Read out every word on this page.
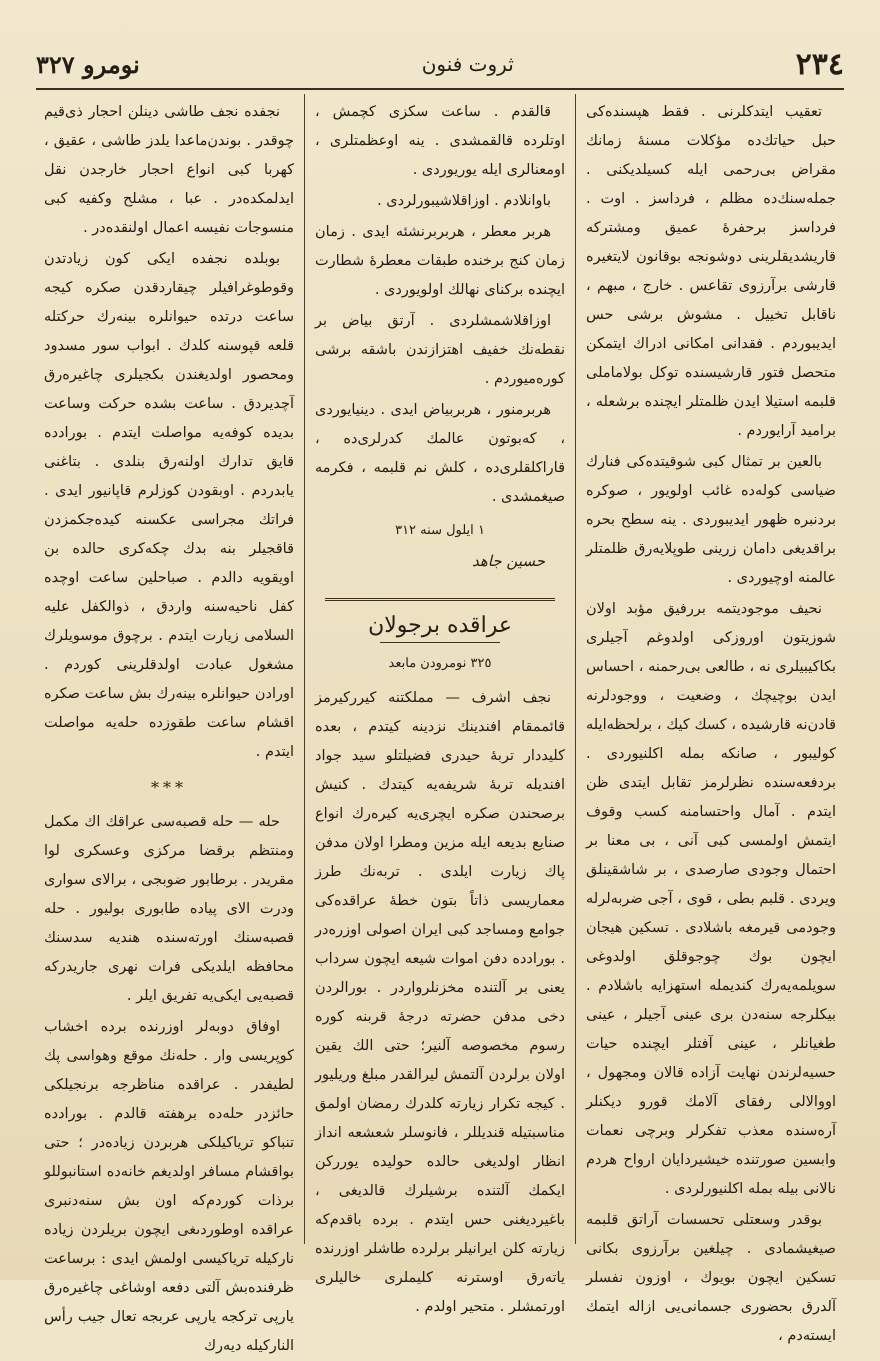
٢٣٤
ثروت فنون
نومرو ٣٢٧

تعقيب ايتدكلرنى . فقط هپسنده‌كى حبل حياتك‌ده مؤكلات مسنهٔ زمانك مقراض بى‌رحمى ايله كسيلديكنى . جمله‌سنك‌ده مظلم ، فرداسز . اوت . فرداسز برحفرهٔ عميق ومشتركه قاريشديقلرينى دوشونجه بوقانون لايتغيره قارشى برآرزوى تقاعس . خارج ، مبهم ، ناقابل تخييل . مشوش برشى حس ايديبوردم . فقدانى امكانى ادراك ايتمكن متحصل فتور قارشيسنده توكل بولاماملى قلبمه استيلا ايدن ظلمتلر ايچنده برشعله ، برامید آرايوردم .

بالعين بر تمثال كبى شوقيتده‌كى فنارك ضياسى كوله‌ده غائب اولويور ، صوكره بردنبره ظهور ايديبوردى . ينه سطح بحره براقديغى دامان زرينى طوپلايه‌رق ظلمتلر عالمنه اوچيوردى .

نحيف موجوديتمه بررفيق مؤبد اولان شوزيتون اوروزكى اولدوغم آجيلرى بكاكيبيلرى نه ، طالعى بى‌رحمنه ، احساس ايدن بوچيچك ، وضعيت ، ووجودلرنه قادن‌نه قارشيده ، كسك كيك ، برلحظه‌ايله كوليبور ، صانكه بمله اكلنيوردى . بردفعه‌سنده نظرلرمز تقابل ايتدى ظن ايتدم . آمال واحتسامنه كسب وقوف ايتمش اولمسى كبى آنى ، بى معنا بر احتمال وجودى صارصدى ، بر شاشقينلق ويردى . قلبم بطى ، قوى ، آجى ضربه‌لرله وجودمى قيرمغه باشلادى . تسكين هيجان ايچون بوك چوجوقلق اولدوغى سويلمه‌يه‌رك كنديمله استهزايه باشلادم . بيكلرجه سنه‌دن برى عينى آجيلر ، عينى طغيانلر ، عينى آفتلر ايچنده حيات حسيه‌لرندن نهايت آزاده قالان ومجهول ، اووالالى رفقاى آلامك قورو ديكنلر آره‌سنده معذب تفكرلر وبرچى نعمات وابسين صورتنده خيشيردايان ارواح هردم نالانى بيله بمله اكلنيورلردى .

بوقدر وسعتلى تحسسات آراتق قلبمه صيغيشمادى . چيلغين برآرزوى بكانى تسكين ايچون بويوك ، اوزون نفسلر آلدرق بحضورى جسمانى‌يى ازاله ايتمك ايستەدم ،

قالقدم . ساعت سكزى كچمش ، اوتلرده قالقمشدى . ينه اوعظمتلرى ، اومعنالرى ايله يوريوردى .

باوانلادم . اوزاقلاشيبورلردى .

هربر معطر ، هربربرنشئه ايدى . زمان زمان كنج برخنده طبقات معطرهٔ شطارت ايچنده بركناى نهالك اولويوردى .

اوزاقلاشمشلردى . آرتق بياض بر نقطه‌نك خفيف اهتزازندن باشقه برشى كورەميوردم .

هربرمنور ، هربربياض ايدى . دينيايوردى ، كه‌بوتون عالمك كدرلرى‌ده ، قاراكلقلرى‌ده ، كلش نم قلبمه ، فكرمه صيغمشدى .

١ ايلول سنه ٣١٢
حسين جاهد
عراقده برجولان
٣٢٥ نومرودن مابعد

نجف اشرف — مملكتنه كيرركيرمز قائممقام افندينك نزدينه كيتدم ، بعده كليددار تربهٔ حيدرى فضيلتلو سيد جواد افنديله تربهٔ شريفه‌يه كيتدك . كنيش برصحندن صكره ايچرى‌يه كيره‌رك انواع صنايع بديعه ايله مزين ومطرا اولان مدفن پاك زيارت ايلدى . تربه‌نك طرز معماريسى ذاتاً بتون خطهٔ عراقده‌كى جوامع ومساجد كبى ايران اصولى اوزره‌در . بورادده دفن اموات شيعه ايچون سرداب يعنى بر آلتنده مخزنلروار‌در . بورالردن دخى مدفن حضرته درجهٔ قربنه كوره رسوم مخصوصه آلنير؛ حتى الك يقين اولان برلردن آلتمش ليرالقدر مبلغ وريليور . كيجه تكرار زيارته كلدرك رمضان اولمق مناسبتيله قنديللر ، فانوسلر شعشعه انداز انظار اولديغى حالده حوليده يوررکن ايكمك آلتنده برشيلرك قالديغى ، باغيرديغنى حس ايتدم . برده باقدم‌كه زيارته كلن ايرانيلر برلرده طاشلر اوزرنده ياتەرق اوسترنه كليملرى خاليلرى اورتمشلر . متحير اولدم .

نجفده نجف طاشى دينلن احجار ذى‌قيم چوقدر . بوندن‌ماعدا يلدز طاشى ، عقيق ، كهربا كبى انواع احجار خارجدن نقل ايدلمكده‌در . عبا ، مشلح وكفيه كبى منسوجات نفيسه اعمال اولنقده‌در .

بوبلده نجفده ايكى كون زيادتدن وقوطوغرافيلر چيقاردقدن صكره كيجه ساعت درتده حيوانلره بينه‌رك حركتله قلعه قپوسنه كلدك . ابواب سور مسدود ومحصور اولديغندن بكجيلرى چاغيره‌رق آچديردق . ساعت بشده حركت وساعت بديده كوفه‌يه مواصلت ايتدم . بورادده قايق تدارك اولنه‌رق بنلدى . بتاغنى يابدردم . اوبقودن كوزلرم قاپانيور ايدى . فراتك مجراسى عكسنه كيده‌جكمزدن قاقجيلر بنه بدك چكه‌كرى حالده بن اويقويه دالدم . صباحلين ساعت اوچده كفل ناحيه‌سنه واردق ، ذوالكفل عليه السلامى زيارت ايتدم . برچوق موسويلرك مشغول عبادت اولدقلرينى كوردم . اورادن حيوانلره بينه‌رك بش ساعت صكره اقشام ساعت طقوزده حله‌يه مواصلت ايتدم .

***

حله — حله قصبه‌سى عراقك اك مكمل ومنتظم برقضا مركزى وعسكرى لوا مقريدر . برطابور ضوبجى ، برالاى سوارى ودرت الاى پياده طابورى بوليور . حله قصبه‌سنك اورته‌سنده هنديه سدسنك محافظه ايلديكى فرات نهرى جاريدركه قصبه‌يى ايكى‌يه تفريق ايلر .

اوفاق دوبه‌لر اوزرنده برده اخشاب كوپريسى وار . حله‌نك موقع وهواسى پك لطيفدر . عراقده مناظرجه برنجيلكى حائزدر حله‌ده برهفته قالدم . بورادده تنباكو ترياكيلكى هربردن زياده‌در ؛ حتى بواقشام مسافر اولديغم خانه‌ده استانبوللو برذات كوردم‌كه اون بش سنه‌دنبرى عراقده اوطوردىغى ايچون بريلردن زياده ناركيله ترياكيسى اولمش ايدى : برساعت ظرفنده‌بش آلتى دفعه اوشاغى چاغيره‌رق يارپى تركجه يارپى عربجه تعال جيب رأس الناركيله ديه‌رك
